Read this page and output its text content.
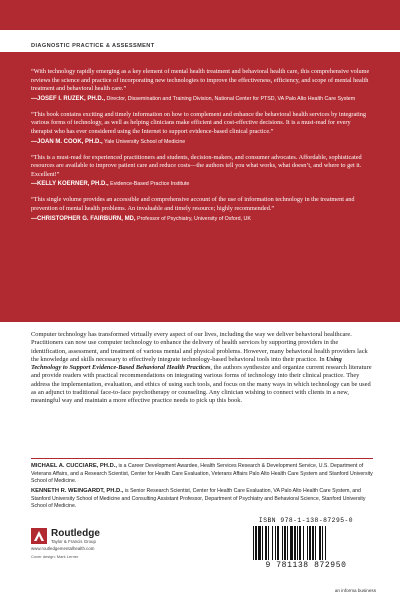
DIAGNOSTIC PRACTICE & ASSESSMENT
“With technology rapidly emerging as a key element of mental health treatment and behavioral health care, this comprehensive volume reviews the science and practice of incorporating new technologies to improve the effectiveness, efficiency, and scope of mental health treatment and behavioral health care.”
—JOSEF I. RUZEK, PH.D., Director, Dissemination and Training Division, National Center for PTSD, VA Palo Alto Health Care System
“This book contains exciting and timely information on how to complement and enhance the behavioral health services by integrating various forms of technology, as well as helping clinicians make efficient and cost-effective decisions. It is a must-read for every therapist who has ever considered using the Internet to support evidence-based clinical practice.”
—JOAN M. COOK, PH.D., Yale University School of Medicine
“This is a must-read for experienced practitioners and students, decision-makers, and consumer advocates. Affordable, sophisticated resources are available to improve patient care and reduce costs—the authors tell you what works, what doesn’t, and where to get it. Excellent!”
—KELLY KOERNER, PH.D., Evidence-Based Practice Institute
“This single volume provides an accessible and comprehensive account of the use of information technology in the treatment and prevention of mental health problems. An invaluable and timely resource; highly recommended.”
—CHRISTOPHER G. FAIRBURN, MD, Professor of Psychiatry, University of Oxford, UK

Computer technology has transformed virtually every aspect of our lives, including the way we deliver behavioral healthcare. Practitioners can now use computer technology to enhance the delivery of health services by supporting providers in the identification, assessment, and treatment of various mental and physical problems. However, many behavioral health providers lack the knowledge and skills necessary to effectively integrate technology-based behavioral tools into their practice. In Using Technology to Support Evidence-Based Behavioral Health Practices, the authors synthesize and organize current research literature and provide readers with practical recommendations on integrating various forms of technology into their clinical practice. They address the implementation, evaluation, and ethics of using such tools, and focus on the many ways in which technology can be used as an adjunct to traditional face-to-face psychotherapy or counseling. Any clinician wishing to connect with clients in a new, meaningful way and maintain a more effective practice needs to pick up this book.

MICHAEL A. CUCCIARE, PH.D., is a Career Development Awardee, Health Services Research & Development Service, U.S. Department of Veterans Affairs, and a Research Scientist, Center for Health Care Evaluation, Veterans Affairs Palo Alto Health Care System and Stanford University School of Medicine.

KENNETH R. WEINGARDT, PH.D., is Senior Research Scientist, Center for Health Care Evaluation, VA Palo Alto Health Care System, and Stanford University School of Medicine and Consulting Assistant Professor, Department of Psychiatry and Behavioral Science, Stanford University School of Medicine.

Routledge
Taylor & Francis Group
www.routledgementalhealth.com
Cover design: Mark Lerner
ISBN 978-1-138-87295-0
9 781138 872950
an informa business
